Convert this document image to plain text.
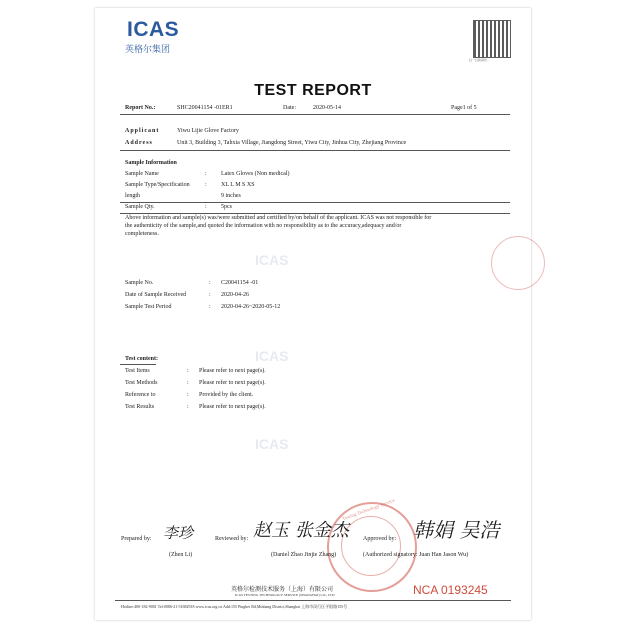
ICAS
英格尔集团
扫一扫验真伪
TEST REPORT
Report No.:	SHC20041154 -01ER1	Date:	2020-05-14	Page1 of 5
Applicant	Yiwu Lijie Glove Factory
Address	Unit 3, Building 3, Tahxia Village, Jiangdong Street, Yiwu City, Jinhua City, Zhejiang Province
Sample Information
Sample Name	: Latex Gloves (Non medical)
Sample Type/Specification	: XL L M S XS
length	9 inches
Sample Qty.	: 5pcs
Above information and sample(s) was/were submitted and certified by/on behalf of the applicant. ICAS was not responsible for
the authenticity of the sample,and quoted the information with no responsibility as to the accuracy,adequacy and/or
completeness.
ICAS
ICAS
ICAS
Sample No.	: C20041154 -01
Date of Sample Received	: 2020-04-26
Sample Test Period	: 2020-04-26~2020-05-12
Test content:
Test Items	: Please refer to next page(s).
Test Methods	: Please refer to next page(s).
Reference to	: Provided by the client.
Test Results	: Please refer to next page(s).
Testing Technology Service
Prepared by: 李珍
(Zhen Li)
Reviewed by: 赵玉 张金杰
(Daniel Zhao Jinjie Zhang)
Approved by: 韩娟 吴浩
(Authorized signatory: Juan Han Jason Wu)
英格尔检测技术服务（上海）有限公司
ICAS TESTING TECHNOLOGY SERVICE (SHANGHAI) CO., LTD	NCA 0193245
Hotline:400-182-9001 Tel:0086-21-51682918 www.icas.org.cn Add:155 Pingbei Rd,Minhang District,Shanghai 上海市闵行区平阳路155号
